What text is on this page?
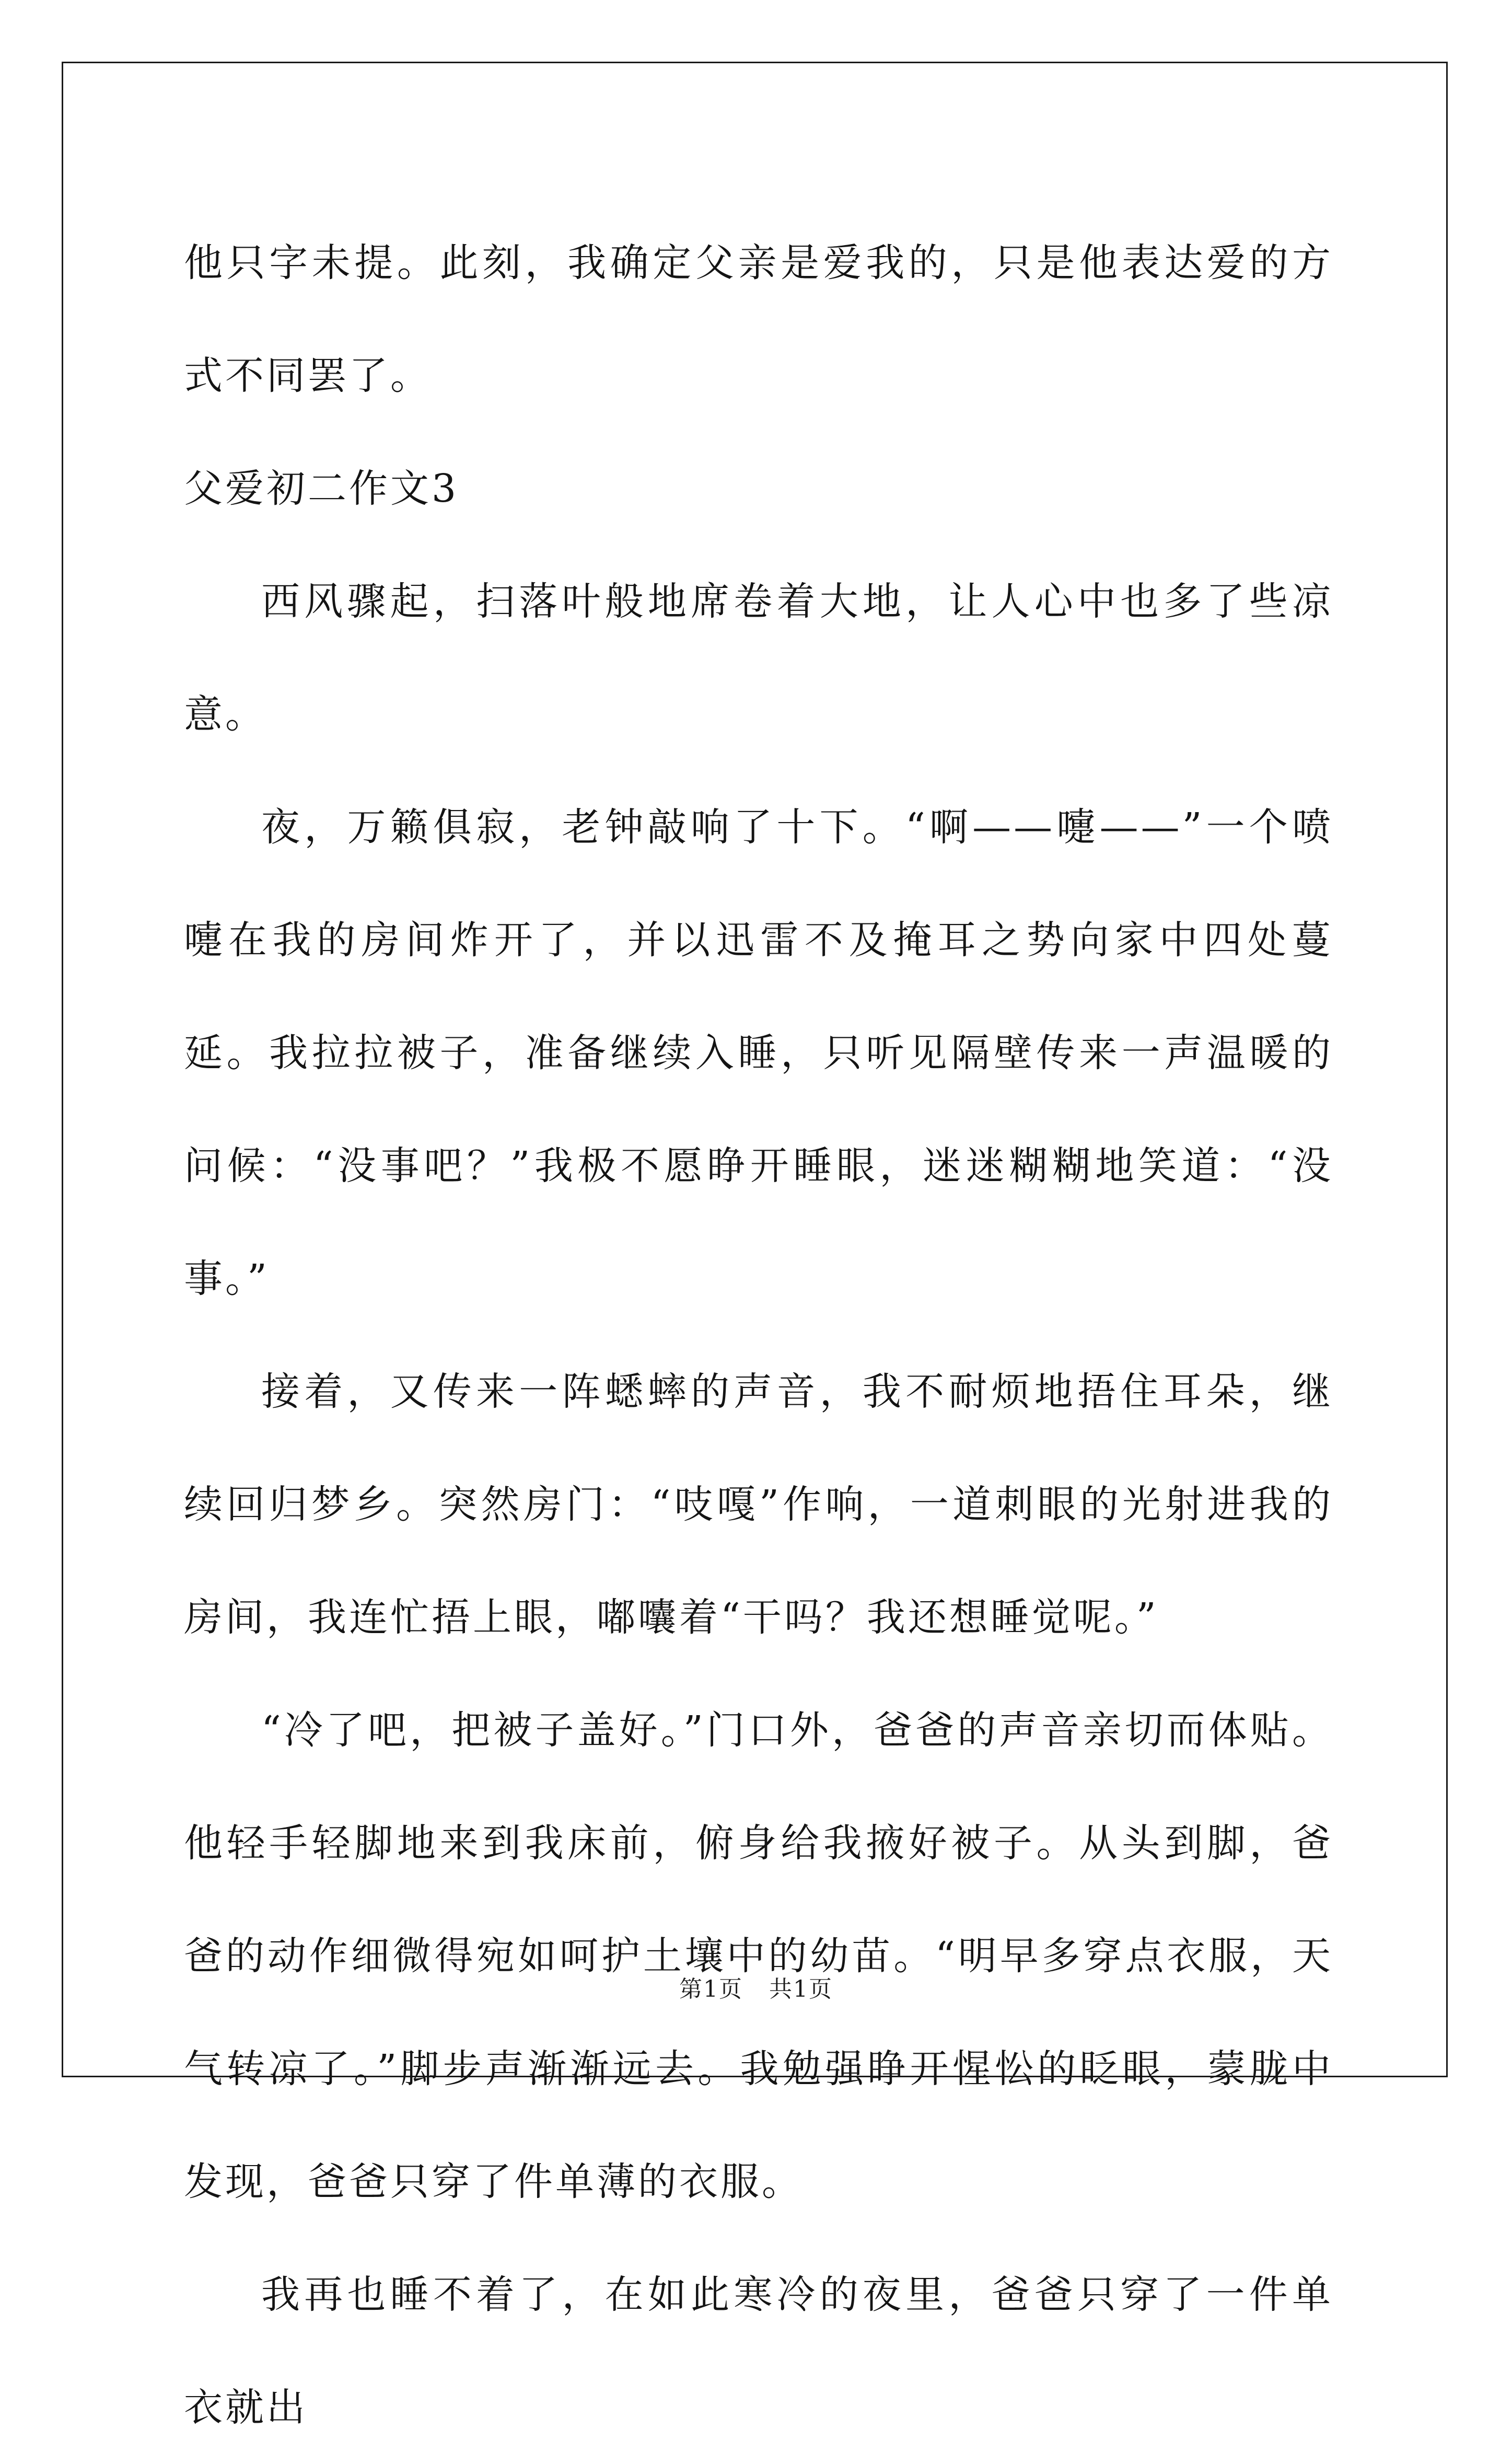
他只字未提。此刻，我确定父亲是爱我的，只是他表达爱的方式不同罢了。

父爱初二作文3

西风骤起，扫落叶般地席卷着大地，让人心中也多了些凉意。

夜，万籁俱寂，老钟敲响了十下。“啊——嚏——”一个喷嚏在我的房间炸开了，并以迅雷不及掩耳之势向家中四处蔓延。我拉拉被子，准备继续入睡，只听见隔壁传来一声温暖的问候：“没事吧？”我极不愿睁开睡眼，迷迷糊糊地笑道：“没事。”

接着，又传来一阵蟋蟀的声音，我不耐烦地捂住耳朵，继续回归梦乡。突然房门：“吱嘎”作响，一道刺眼的光射进我的房间，我连忙捂上眼，嘟囔着“干吗？我还想睡觉呢。”

“冷了吧，把被子盖好。”门口外，爸爸的声音亲切而体贴。他轻手轻脚地来到我床前，俯身给我掖好被子。从头到脚，爸爸的动作细微得宛如呵护土壤中的幼苗。“明早多穿点衣服，天气转凉了。”脚步声渐渐远去。我勉强睁开惺忪的眨眼，蒙胧中发现，爸爸只穿了件单薄的衣服。

我再也睡不着了，在如此寒冷的夜里，爸爸只穿了一件单衣就出

第1页 共1页
